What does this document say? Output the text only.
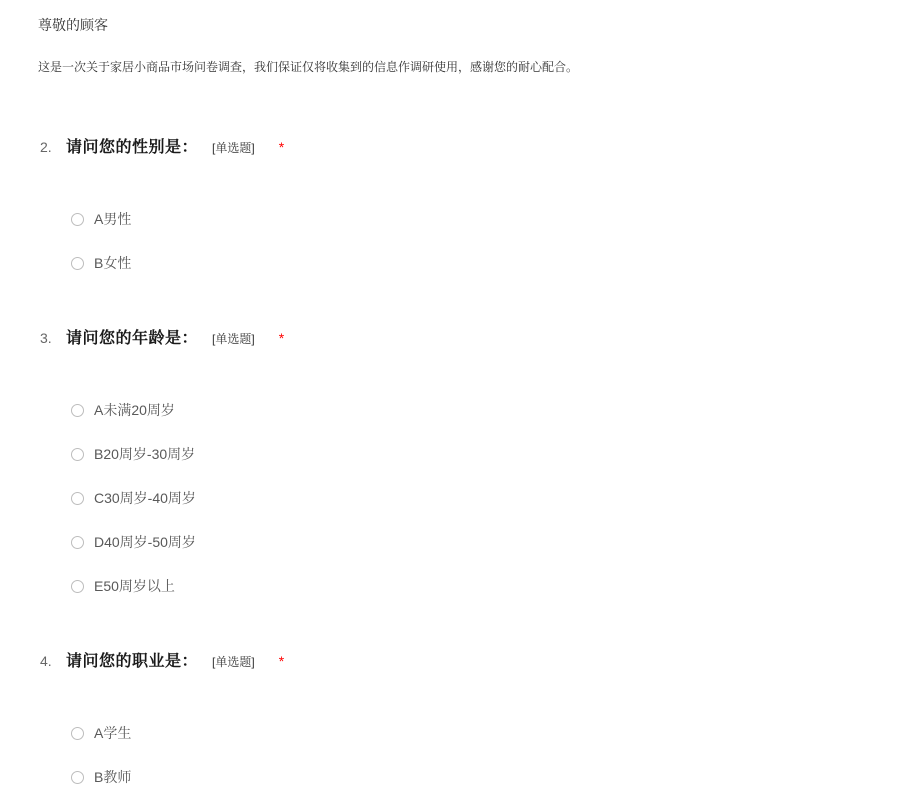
尊敬的顾客
这是一次关于家居小商品市场问卷调查，我们保证仅将收集到的信息作调研使用，感谢您的耐心配合。
2. 请问您的性别是： [单选题] *
A男性
B女性
3. 请问您的年龄是： [单选题] *
A未满20周岁
B20周岁-30周岁
C30周岁-40周岁
D40周岁-50周岁
E50周岁以上
4. 请问您的职业是： [单选题] *
A学生
B教师
